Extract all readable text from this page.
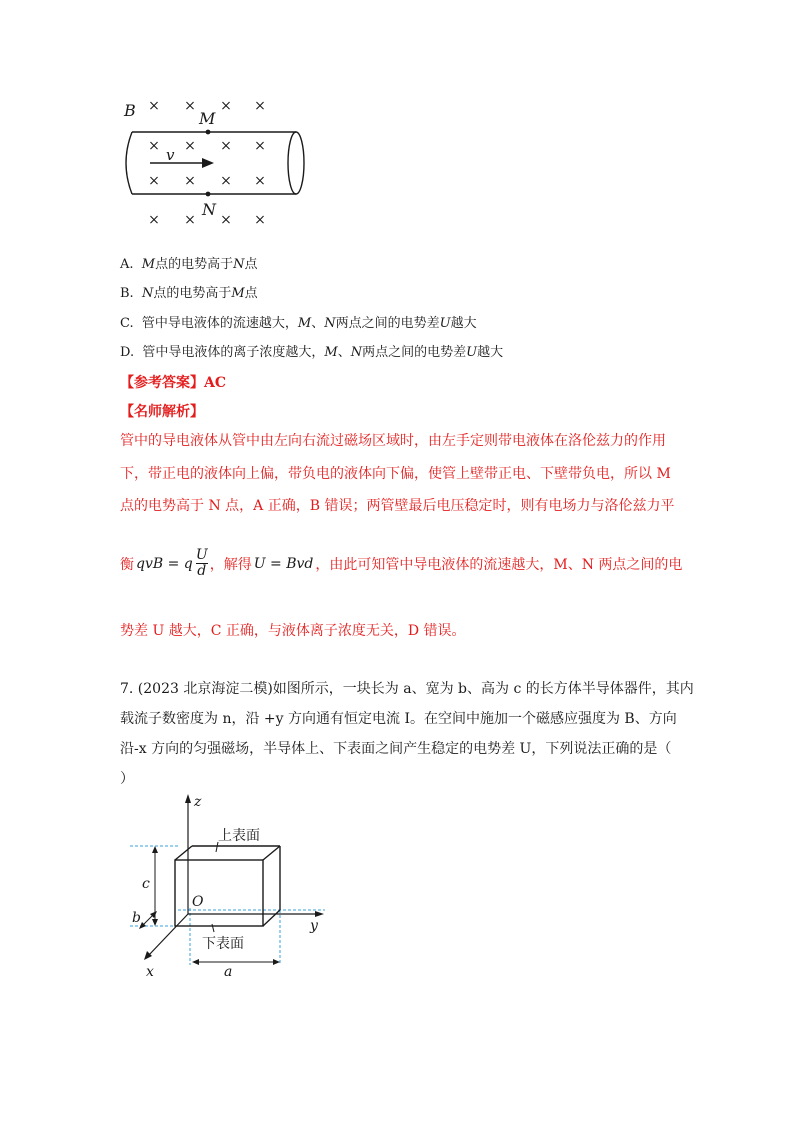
× × × ×
× × × ×
× × × ×
× × × ×
B	M
N
v
A. M点的电势高于N点
B. N点的电势高于M点
C. 管中导电液体的流速越大，M、N两点之间的电势差U越大
D. 管中导电液体的离子浓度越大，M、N两点之间的电势差U越大
【参考答案】AC
【名师解析】
管中的导电液体从管中由左向右流过磁场区域时，由左手定则带电液体在洛伦兹力的作用
下，带正电的液体向上偏，带负电的液体向下偏，使管上壁带正电、下壁带负电，所以 M
点的电势高于 N 点，A 正确，B 错误；两管壁最后电压稳定时，则有电场力与洛伦兹力平
衡 qvB = q
U
d ，解得 U = Bvd ，由此可知管中导电液体的流速越大，M、N 两点之间的电
势差 U 越大，C 正确，与液体离子浓度无关，D 错误。
7. (2023 北京海淀二模)如图所示，一块长为 a、宽为 b、高为 c 的长方体半导体器件，其内
载流子数密度为 n，沿 +y 方向通有恒定电流 I。在空间中施加一个磁感应强度为 B、方向
沿-x 方向的匀强磁场，半导体上、下表面之间产生稳定的电势差 U，下列说法正确的是（
）
z
y
x
O
a
b
c
上表面
下表面
